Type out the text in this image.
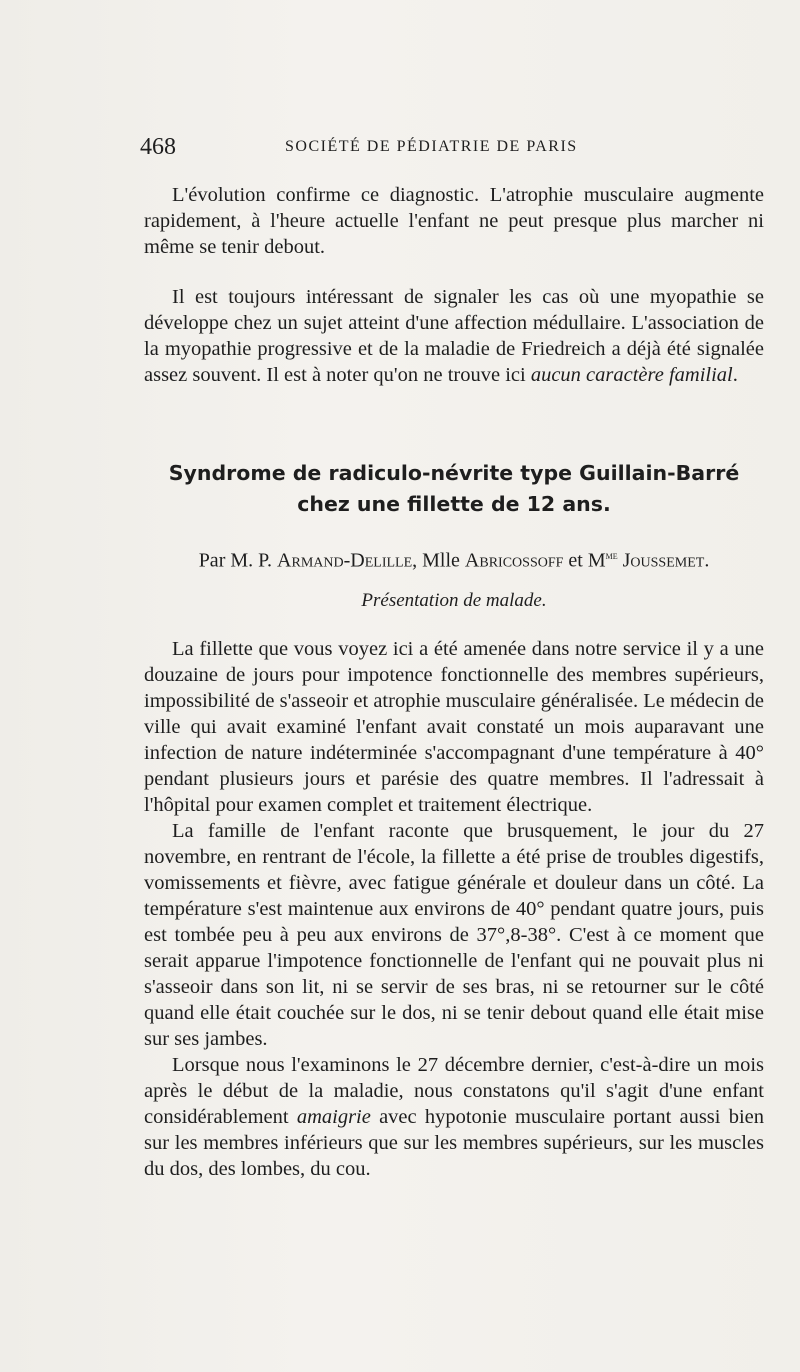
468	SOCIÉTÉ DE PÉDIATRIE DE PARIS

L'évolution confirme ce diagnostic. L'atrophie musculaire augmente rapidement, à l'heure actuelle l'enfant ne peut presque plus marcher ni même se tenir debout.

Il est toujours intéressant de signaler les cas où une myopathie se développe chez un sujet atteint d'une affection médullaire. L'association de la myopathie progressive et de la maladie de Friedreich a déjà été signalée assez souvent. Il est à noter qu'on ne trouve ici aucun caractère familial.

Syndrome de radiculo-névrite type Guillain-Barré chez une fillette de 12 ans.
Par M. P. Armand-Delille, Mlle Abricossoff et $M^{me}$ Joussemet.
Présentation de malade.

La fillette que vous voyez ici a été amenée dans notre service il y a une douzaine de jours pour impotence fonctionnelle des membres supérieurs, impossibilité de s'asseoir et atrophie musculaire généralisée. Le médecin de ville qui avait examiné l'enfant avait constaté un mois auparavant une infection de nature indéterminée s'accompagnant d'une température à 40° pendant plusieurs jours et parésie des quatre membres. Il l'adressait à l'hôpital pour examen complet et traitement électrique.

La famille de l'enfant raconte que brusquement, le jour du 27 novembre, en rentrant de l'école, la fillette a été prise de troubles digestifs, vomissements et fièvre, avec fatigue générale et douleur dans un côté. La température s'est maintenue aux environs de 40° pendant quatre jours, puis est tombée peu à peu aux environs de 37°,8-38°. C'est à ce moment que serait apparue l'impotence fonctionnelle de l'enfant qui ne pouvait plus ni s'asseoir dans son lit, ni se servir de ses bras, ni se retourner sur le côté quand elle était couchée sur le dos, ni se tenir debout quand elle était mise sur ses jambes.

Lorsque nous l'examinons le 27 décembre dernier, c'est-à-dire un mois après le début de la maladie, nous constatons qu'il s'agit d'une enfant considérablement amaigrie avec hypotonie musculaire portant aussi bien sur les membres inférieurs que sur les membres supérieurs, sur les muscles du dos, des lombes, du cou.
